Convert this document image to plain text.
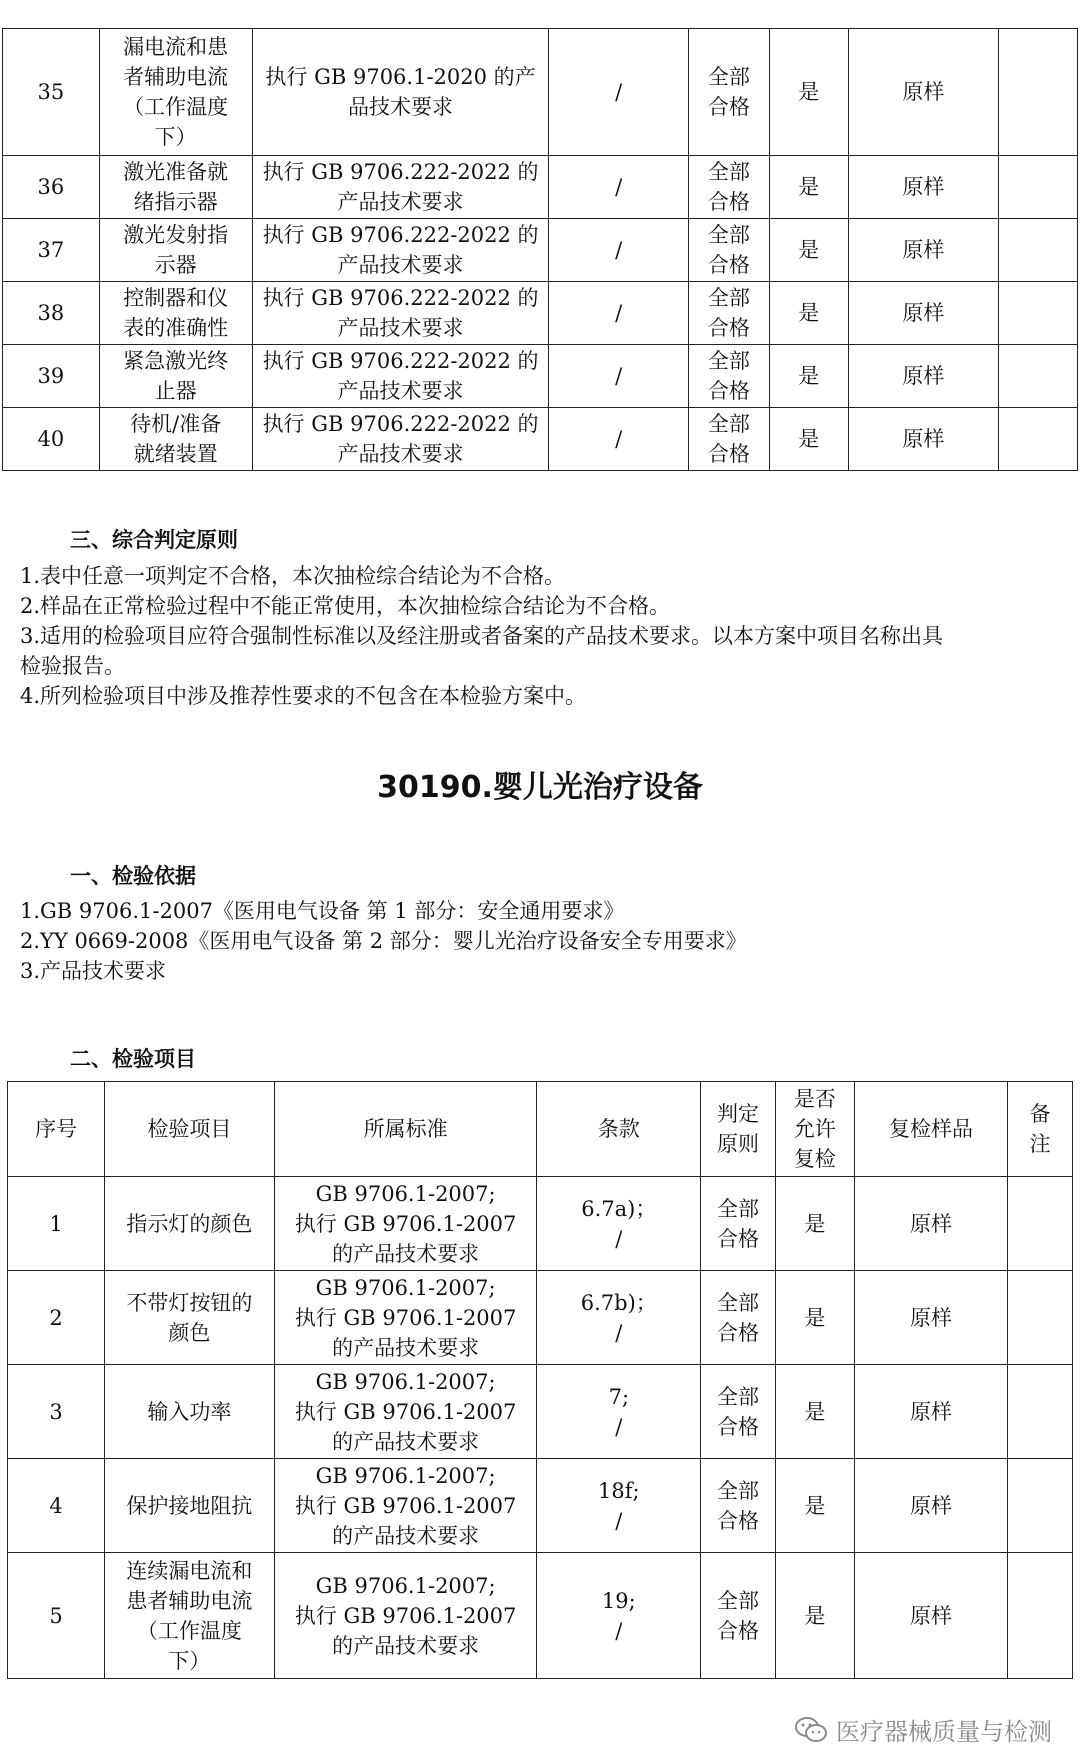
35	漏电流和患
者辅助电流
（工作温度
下）	执行 GB 9706.1-2020 的产
品技术要求	/	全部
合格	是	原样	
36	激光准备就
绪指示器	执行 GB 9706.222-2022 的
产品技术要求	/	全部
合格	是	原样	
37	激光发射指
示器	执行 GB 9706.222-2022 的
产品技术要求	/	全部
合格	是	原样	
38	控制器和仪
表的准确性	执行 GB 9706.222-2022 的
产品技术要求	/	全部
合格	是	原样	
39	紧急激光终
止器	执行 GB 9706.222-2022 的
产品技术要求	/	全部
合格	是	原样	
40	待机/准备
就绪装置	执行 GB 9706.222-2022 的
产品技术要求	/	全部
合格	是	原样	
三、综合判定原则
1.表中任意一项判定不合格，本次抽检综合结论为不合格。
2.样品在正常检验过程中不能正常使用，本次抽检综合结论为不合格。
3.适用的检验项目应符合强制性标准以及经注册或者备案的产品技术要求。以本方案中项目名称出具
检验报告。
4.所列检验项目中涉及推荐性要求的不包含在本检验方案中。
30190.婴儿光治疗设备
一、检验依据
1.GB 9706.1-2007《医用电气设备 第 1 部分：安全通用要求》
2.YY 0669-2008《医用电气设备 第 2 部分：婴儿光治疗设备安全专用要求》
3.产品技术要求
二、检验项目
序号	检验项目	所属标准	条款	判定
原则	是否
允许
复检	复检样品	备
注

1	指示灯的颜色	GB 9706.1-2007;
执行 GB 9706.1-2007
的产品技术要求	6.7a)；
/	全部
合格	是	原样	
2	不带灯按钮的
颜色	GB 9706.1-2007;
执行 GB 9706.1-2007
的产品技术要求	6.7b)；
/	全部
合格	是	原样	
3	输入功率	GB 9706.1-2007;
执行 GB 9706.1-2007
的产品技术要求	7;
/	全部
合格	是	原样	
4	保护接地阻抗	GB 9706.1-2007;
执行 GB 9706.1-2007
的产品技术要求	18f;
/	全部
合格	是	原样	
5	连续漏电流和
患者辅助电流
（工作温度
下）	GB 9706.1-2007;
执行 GB 9706.1-2007
的产品技术要求	19;
/	全部
合格	是	原样	
医疗器械质量与检测
